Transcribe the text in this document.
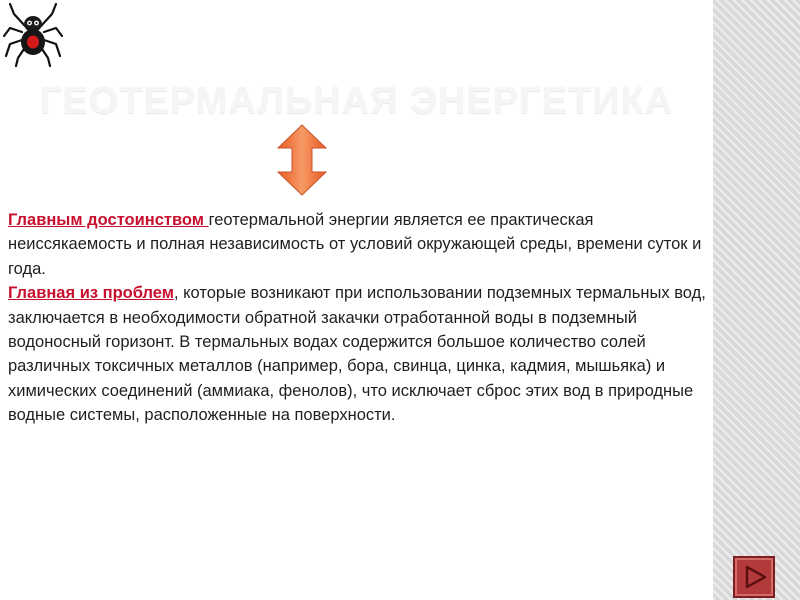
ГЕОТЕРМАЛЬНАЯ ЭНЕРГЕТИКА
Главным достоинством геотермальной энергии является ее практическая неиссякаемость и полная независимость от условий окружающей среды, времени суток и года.
Главная из проблем, которые возникают при использовании подземных термальных вод, заключается в необходимости обратной закачки отработанной воды в подземный водоносный горизонт. В термальных водах содержится большое количество солей различных токсичных металлов (например, бора, свинца, цинка, кадмия, мышьяка) и химических соединений (аммиака, фенолов), что исключает сброс этих вод в природные водные системы, расположенные на поверхности.
